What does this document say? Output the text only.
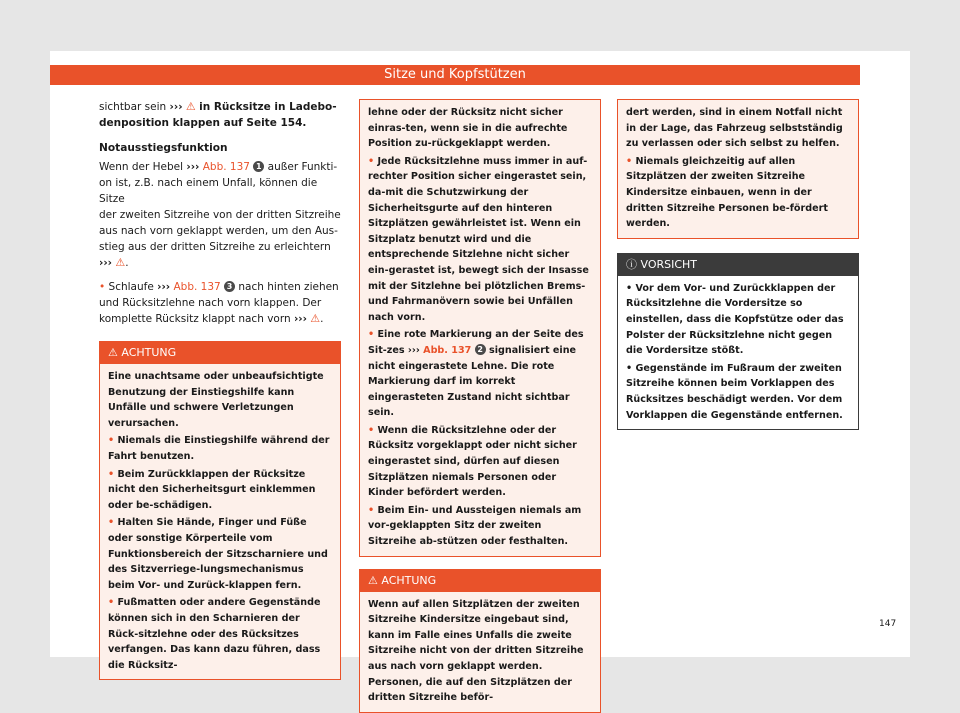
Sitze und Kopfstützen

sichtbar sein ››› ⚠ in Rücksitze in Ladebo-
denposition klappen auf Seite 154.

Notausstiegsfunktion

Wenn der Hebel ››› Abb. 137 1 außer Funkti-
on ist, z.B. nach einem Unfall, können die Sitze
der zweiten Sitzreihe von der dritten Sitzreihe
aus nach vorn geklappt werden, um den Aus-
stieg aus der dritten Sitzreihe zu erleichtern
››› ⚠.

• Schlaufe ››› Abb. 137 3 nach hinten ziehen
und Rücksitzlehne nach vorn klappen. Der
komplette Rücksitz klappt nach vorn ››› ⚠.

⚠ ACHTUNG

Eine unachtsame oder unbeaufsichtigte Benutzung der Einstiegshilfe kann Unfälle und schwere Verletzungen verursachen.

• Niemals die Einstiegshilfe während der Fahrt benutzen.

• Beim Zurückklappen der Rücksitze nicht den Sicherheitsgurt einklemmen oder be-schädigen.

• Halten Sie Hände, Finger und Füße oder sonstige Körperteile vom Funktionsbereich der Sitzscharniere und des Sitzverriege-lungsmechanismus beim Vor- und Zurück-klappen fern.

• Fußmatten oder andere Gegenstände können sich in den Scharnieren der Rück-sitzlehne oder des Rücksitzes verfangen. Das kann dazu führen, dass die Rücksitz-

lehne oder der Rücksitz nicht sicher einras-ten, wenn sie in die aufrechte Position zu-rückgeklappt werden.

• Jede Rücksitzlehne muss immer in auf-rechter Position sicher eingerastet sein, da-mit die Schutzwirkung der Sicherheitsgurte auf den hinteren Sitzplätzen gewährleistet ist. Wenn ein Sitzplatz benutzt wird und die entsprechende Sitzlehne nicht sicher ein-gerastet ist, bewegt sich der Insasse mit der Sitzlehne bei plötzlichen Brems- und Fahrmanövern sowie bei Unfällen nach vorn.

• Eine rote Markierung an der Seite des Sit-zes ››› Abb. 137 2 signalisiert eine nicht eingerastete Lehne. Die rote Markierung darf im korrekt eingerasteten Zustand nicht sichtbar sein.

• Wenn die Rücksitzlehne oder der Rücksitz vorgeklappt oder nicht sicher eingerastet sind, dürfen auf diesen Sitzplätzen niemals Personen oder Kinder befördert werden.

• Beim Ein- und Aussteigen niemals am vor-geklappten Sitz der zweiten Sitzreihe ab-stützen oder festhalten.

⚠ ACHTUNG

Wenn auf allen Sitzplätzen der zweiten Sitzreihe Kindersitze eingebaut sind, kann im Falle eines Unfalls die zweite Sitzreihe nicht von der dritten Sitzreihe aus nach vorn geklappt werden. Personen, die auf den Sitzplätzen der dritten Sitzreihe beför-

dert werden, sind in einem Notfall nicht in der Lage, das Fahrzeug selbstständig zu verlassen oder sich selbst zu helfen.

• Niemals gleichzeitig auf allen Sitzplätzen der zweiten Sitzreihe Kindersitze einbauen, wenn in der dritten Sitzreihe Personen be-fördert werden.

ⓘ VORSICHT

• Vor dem Vor- und Zurückklappen der Rücksitzlehne die Vordersitze so einstellen, dass die Kopfstütze oder das Polster der Rücksitzlehne nicht gegen die Vordersitze stößt.

• Gegenstände im Fußraum der zweiten Sitzreihe können beim Vorklappen des Rücksitzes beschädigt werden. Vor dem Vorklappen die Gegenstände entfernen.

147
